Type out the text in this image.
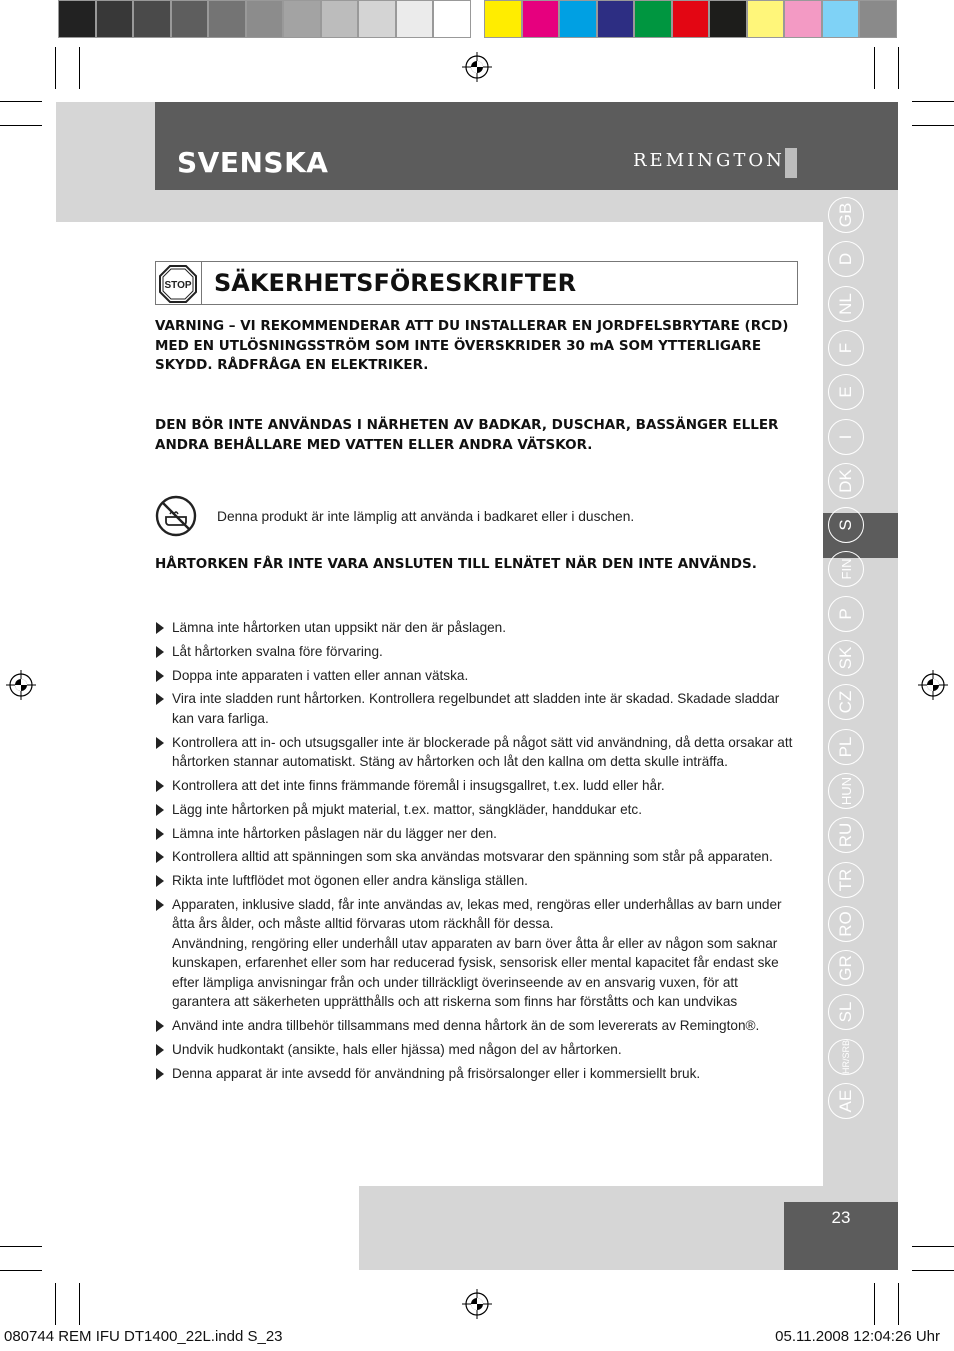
SVENSKA	REMINGTON
GB
D
NL
F
E
I
DK
S
FIN
P
SK
CZ
PL
HUN
RU
TR
RO
GR
SL
HR/SRB
AE
STOP SÄKERHETSFÖRESKRIFTER
VARNING – VI REKOMMENDERAR ATT DU INSTALLERAR EN JORDFELSBRYTARE (RCD) MED EN UTLÖSNINGSSTRÖM SOM INTE ÖVERSKRIDER 30 mA SOM YTTERLIGARE SKYDD. RÅDFRÅGA EN ELEKTRIKER.
DEN BÖR INTE ANVÄNDAS I NÄRHETEN AV BADKAR, DUSCHAR, BASSÄNGER ELLER ANDRA BEHÅLLARE MED VATTEN ELLER ANDRA VÄTSKOR.
Denna produkt är inte lämplig att använda i badkaret eller i duschen.
HÅRTORKEN FÅR INTE VARA ANSLUTEN TILL ELNÄTET NÄR DEN INTE ANVÄNDS.
Lämna inte hårtorken utan uppsikt när den är påslagen.
Låt hårtorken svalna före förvaring.
Doppa inte apparaten i vatten eller annan vätska.
Vira inte sladden runt hårtorken. Kontrollera regelbundet att sladden inte är skadad. Skadade sladdar kan vara farliga.
Kontrollera att in- och utsugsgaller inte är blockerade på något sätt vid användning, då detta orsakar att hårtorken stannar automatiskt. Stäng av hårtorken och låt den kallna om detta skulle inträffa.
Kontrollera att det inte finns främmande föremål i insugsgallret, t.ex. ludd eller hår.
Lägg inte hårtorken på mjukt material, t.ex. mattor, sängkläder, handdukar etc.
Lämna inte hårtorken påslagen när du lägger ner den.
Kontrollera alltid att spänningen som ska användas motsvarar den spänning som står på apparaten.
Rikta inte luftflödet mot ögonen eller andra känsliga ställen.
Apparaten, inklusive sladd, får inte användas av, lekas med, rengöras eller underhållas av barn under åtta års ålder, och måste alltid förvaras utom räckhåll för dessa.
Användning, rengöring eller underhåll utav apparaten av barn över åtta år eller av någon som saknar kunskapen, erfarenhet eller som har reducerad fysisk, sensorisk eller mental kapacitet får endast ske efter lämpliga anvisningar från och under tillräckligt överinseende av en ansvarig vuxen, för att garantera att säkerheten upprätthålls och att riskerna som finns har förståtts och kan undvikas
Använd inte andra tillbehör tillsammans med denna hårtork än de som levererats av Remington®.
Undvik hudkontakt (ansikte, hals eller hjässa) med någon del av hårtorken.
Denna apparat är inte avsedd för användning på frisörsalonger eller i kommersiellt bruk.
23
080744 REM IFU DT1400_22L.indd S_23	05.11.2008 12:04:26 Uhr
